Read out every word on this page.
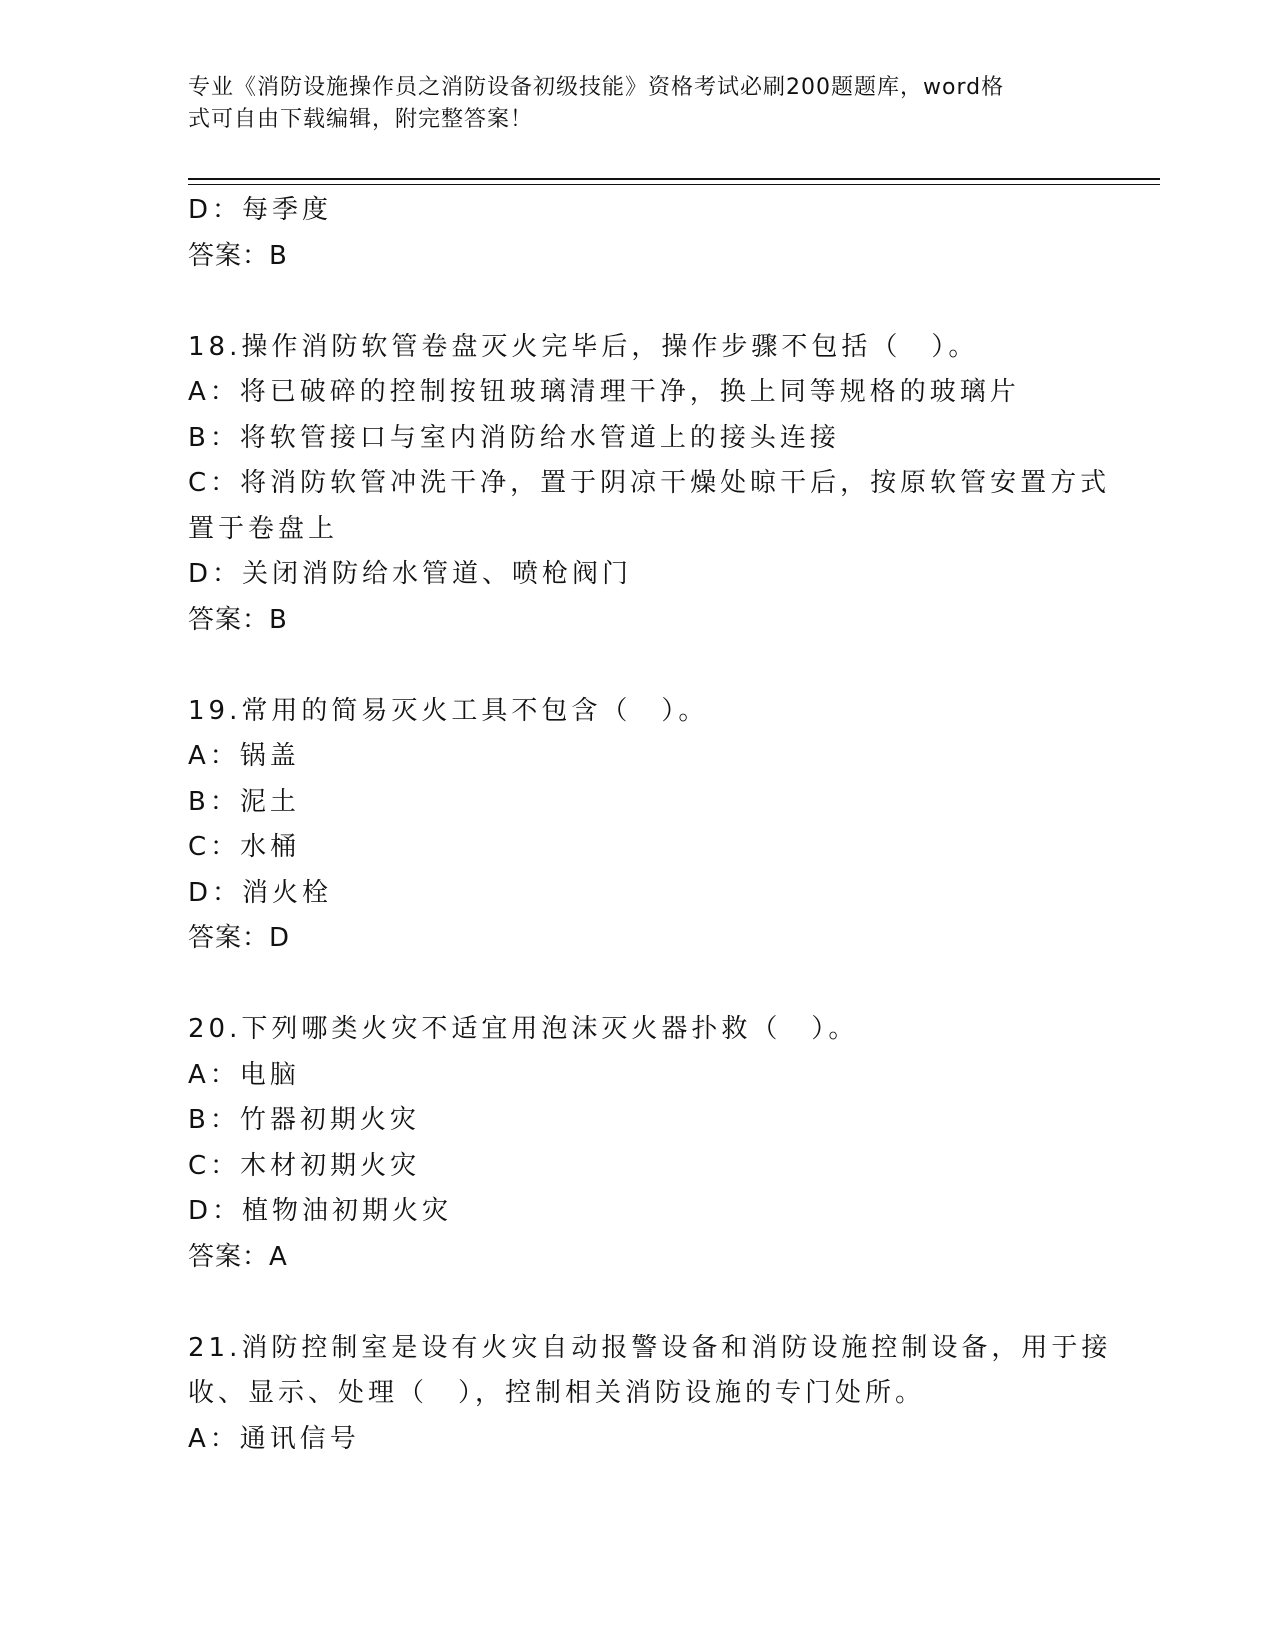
专业《消防设施操作员之消防设备初级技能》资格考试必刷200题题库，word格
式可自由下载编辑，附完整答案！
D：每季度
答案：B
18.操作消防软管卷盘灭火完毕后，操作步骤不包括（　）。
A：将已破碎的控制按钮玻璃清理干净，换上同等规格的玻璃片
B：将软管接口与室内消防给水管道上的接头连接
C：将消防软管冲洗干净，置于阴凉干燥处晾干后，按原软管安置方式
置于卷盘上
D：关闭消防给水管道、喷枪阀门
答案：B
19.常用的简易灭火工具不包含（　）。
A：锅盖
B：泥土
C：水桶
D：消火栓
答案：D
20.下列哪类火灾不适宜用泡沫灭火器扑救（　）。
A：电脑
B：竹器初期火灾
C：木材初期火灾
D：植物油初期火灾
答案：A
21.消防控制室是设有火灾自动报警设备和消防设施控制设备，用于接
收、显示、处理（　），控制相关消防设施的专门处所。
A：通讯信号
